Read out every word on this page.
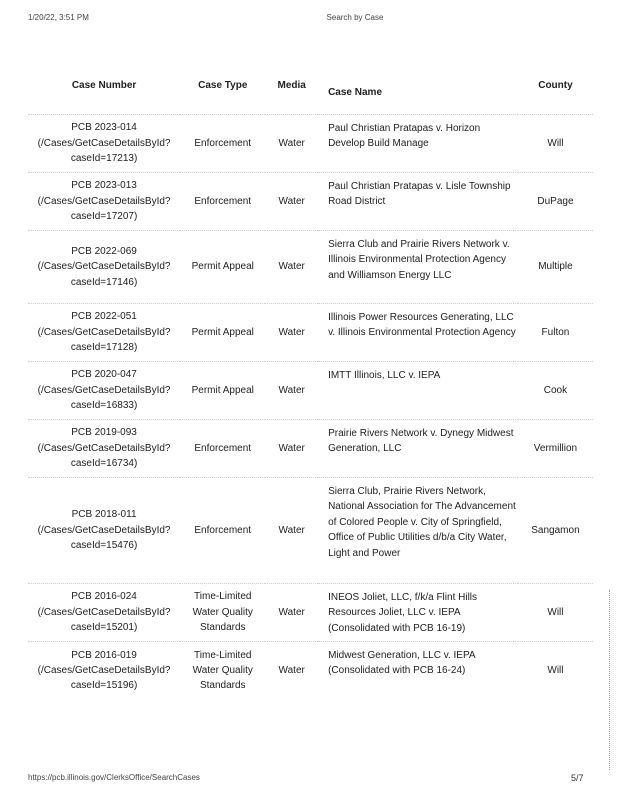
1/20/22, 3:51 PM	Search by Case
Case Number	Case Type	Media	Case Name	County

PCB 2023-014
(/Cases/GetCaseDetailsById?
caseId=17213)	Enforcement	Water	Paul Christian Pratapas v. Horizon Develop Build Manage	Will

PCB 2023-013
(/Cases/GetCaseDetailsById?
caseId=17207)	Enforcement	Water	Paul Christian Pratapas v. Lisle Township Road District	DuPage

PCB 2022-069
(/Cases/GetCaseDetailsById?
caseId=17146)	Permit Appeal	Water	Sierra Club and Prairie Rivers Network v. Illinois Environmental Protection Agency and Williamson Energy LLC	Multiple

PCB 2022-051
(/Cases/GetCaseDetailsById?
caseId=17128)	Permit Appeal	Water	Illinois Power Resources Generating, LLC v. Illinois Environmental Protection Agency	Fulton

PCB 2020-047
(/Cases/GetCaseDetailsById?
caseId=16833)	Permit Appeal	Water	IMTT Illinois, LLC v. IEPA	Cook

PCB 2019-093
(/Cases/GetCaseDetailsById?
caseId=16734)	Enforcement	Water	Prairie Rivers Network v. Dynegy Midwest Generation, LLC	Vermillion

PCB 2018-011
(/Cases/GetCaseDetailsById?
caseId=15476)	Enforcement	Water	Sierra Club, Prairie Rivers Network, National Association for The Advancement of Colored People v. City of Springfield, Office of Public Utilities d/b/a City Water, Light and Power	Sangamon

PCB 2016-024
(/Cases/GetCaseDetailsById?
caseId=15201)	Time-Limited Water Quality Standards	Water	INEOS Joliet, LLC, f/k/a Flint Hills Resources Joliet, LLC v. IEPA (Consolidated with PCB 16-19)	Will

PCB 2016-019
(/Cases/GetCaseDetailsById?
caseId=15196)	Time-Limited Water Quality Standards	Water	Midwest Generation, LLC v. IEPA (Consolidated with PCB 16-24)	Will
https://pcb.illinois.gov/ClerksOffice/SearchCases	5/7
